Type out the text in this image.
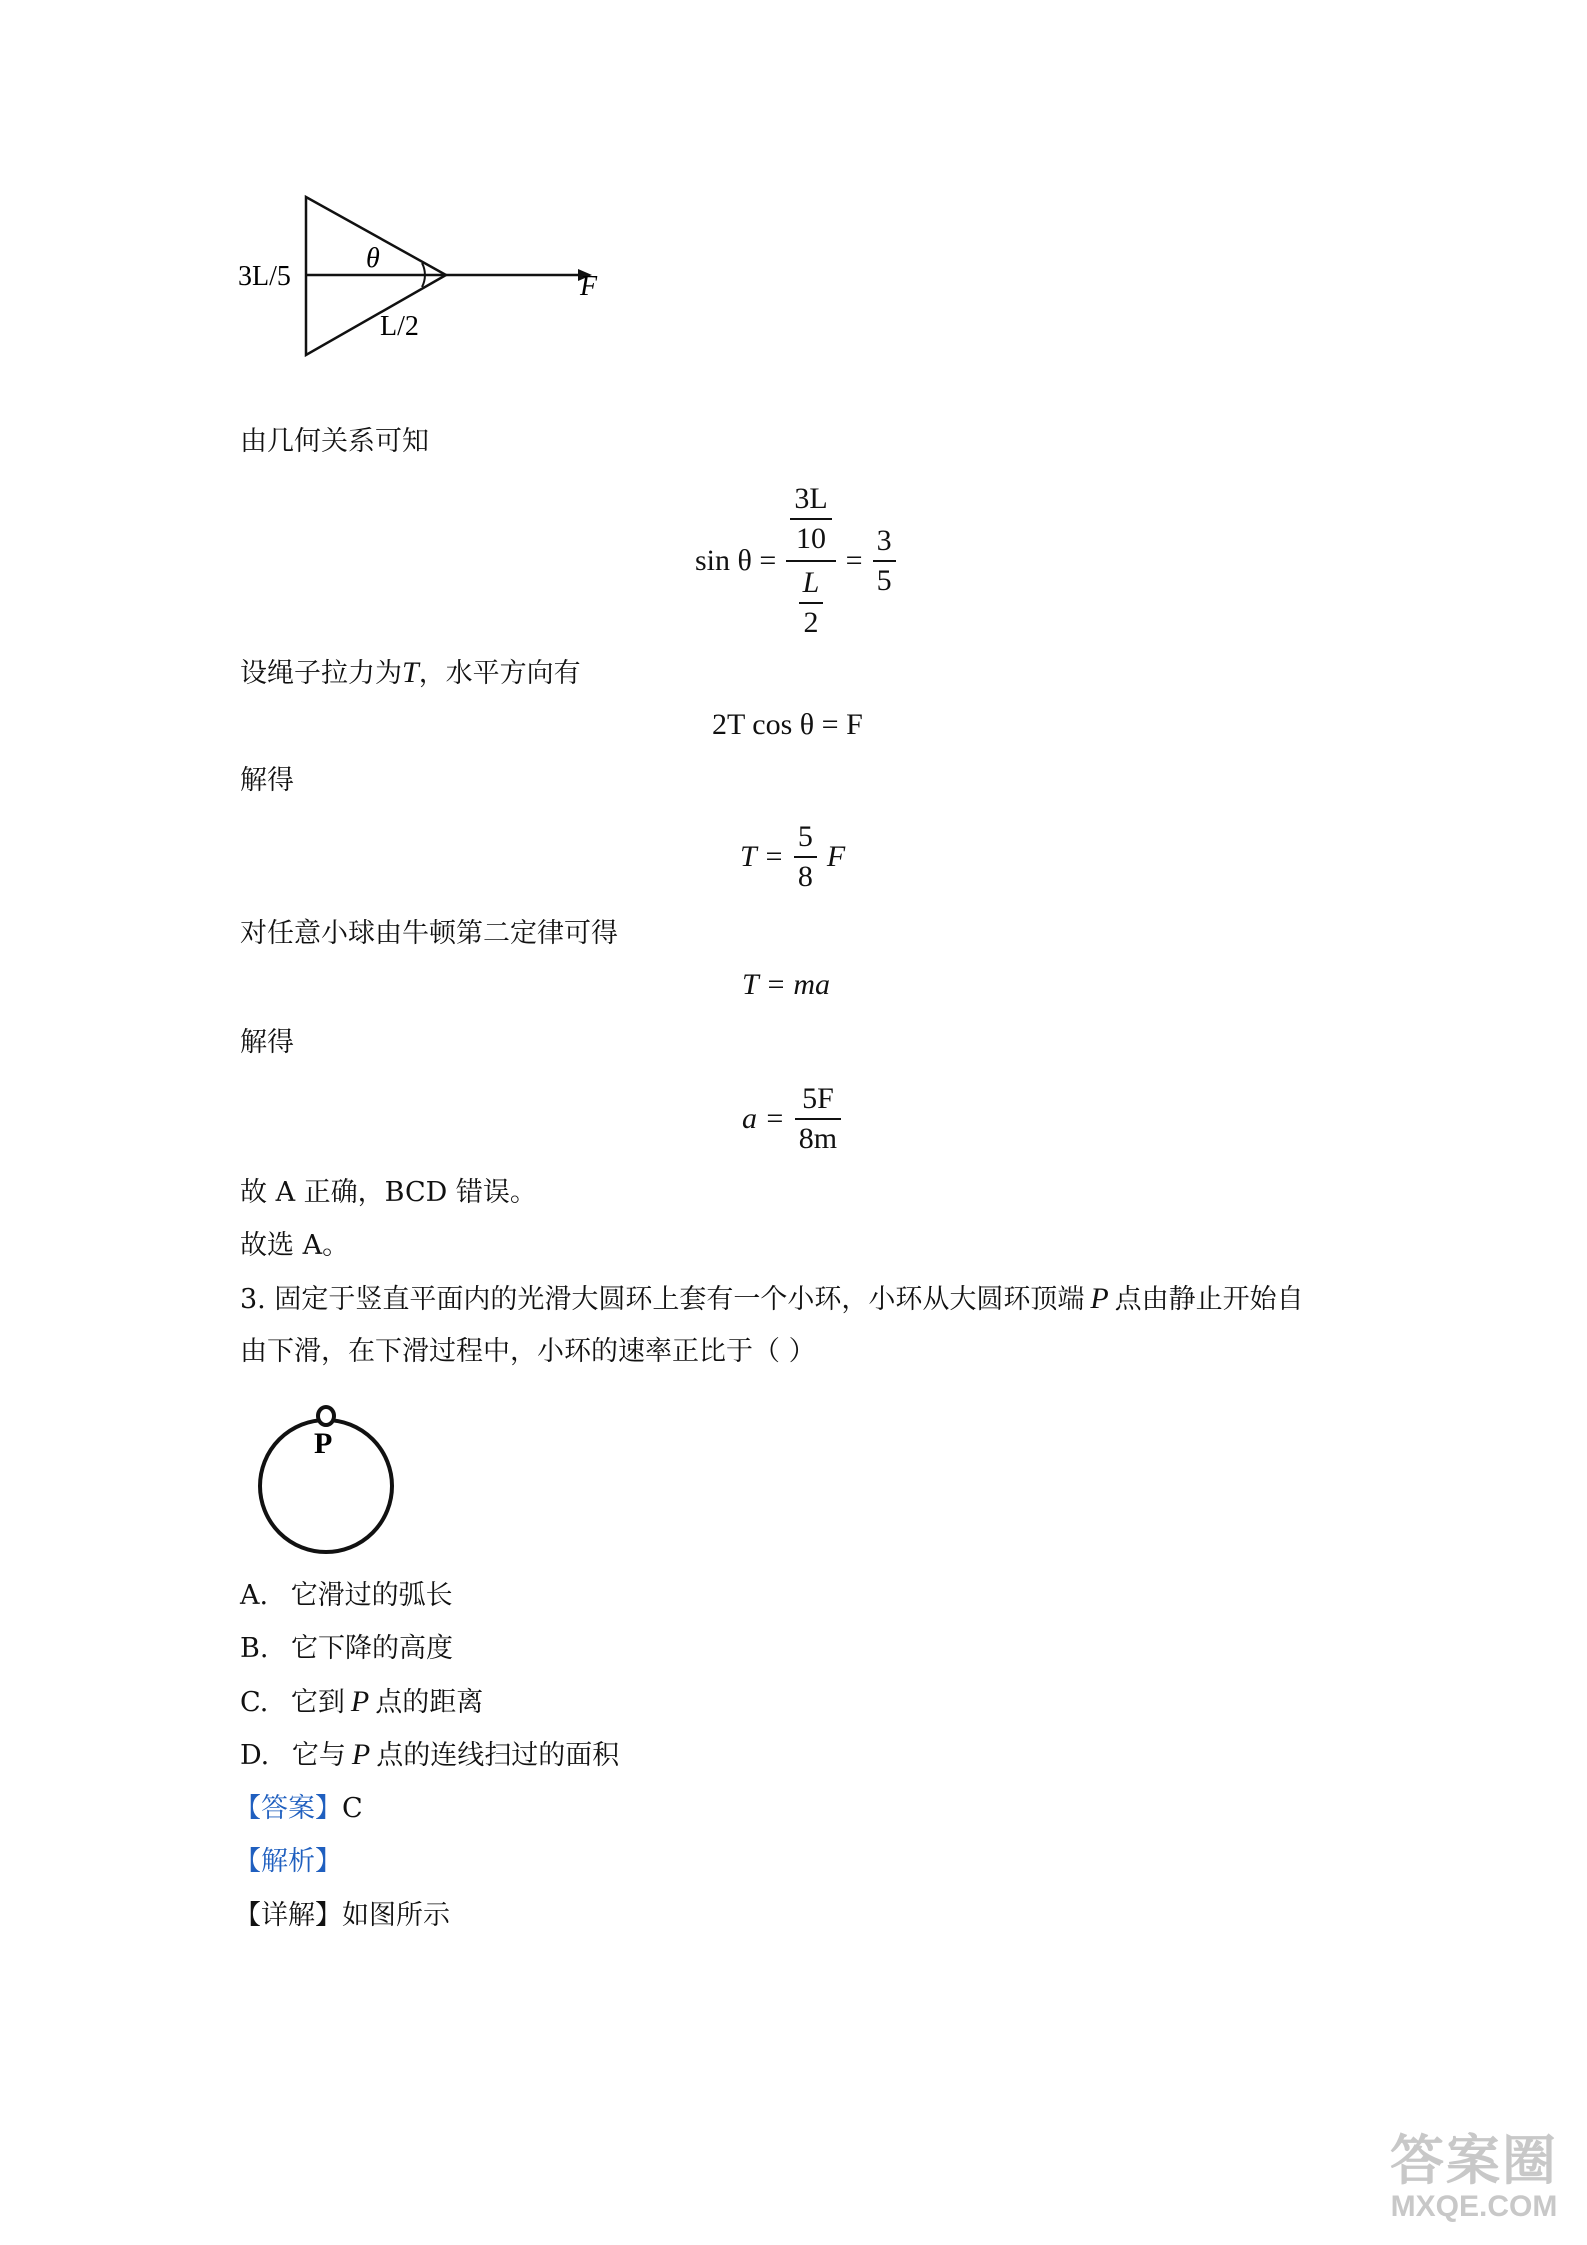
3L/5
θ
L/2
F
由几何关系可知
$\sin \theta = \frac{\frac{3L}{10}}{\frac{L}{2}} = \frac{3}{5}$
设绳子拉力为T，水平方向有
2T cos θ = F
解得
$T = \frac{5}{8}$ F
对任意小球由牛顿第二定律可得
T = ma
解得
$a = \frac{5F}{8m}$
故 A 正确，BCD 错误。
故选 A。
3. 固定于竖直平面内的光滑大圆环上套有一个小环，小环从大圆环顶端 P 点由静止开始自
由下滑，在下滑过程中，小环的速率正比于（ ）
P
A. 它滑过的弧长
B. 它下降的高度
C. 它到 P 点的距离
D. 它与 P 点的连线扫过的面积
【答案】C
【解析】
【详解】如图所示
答案圈
MXQE.COM
